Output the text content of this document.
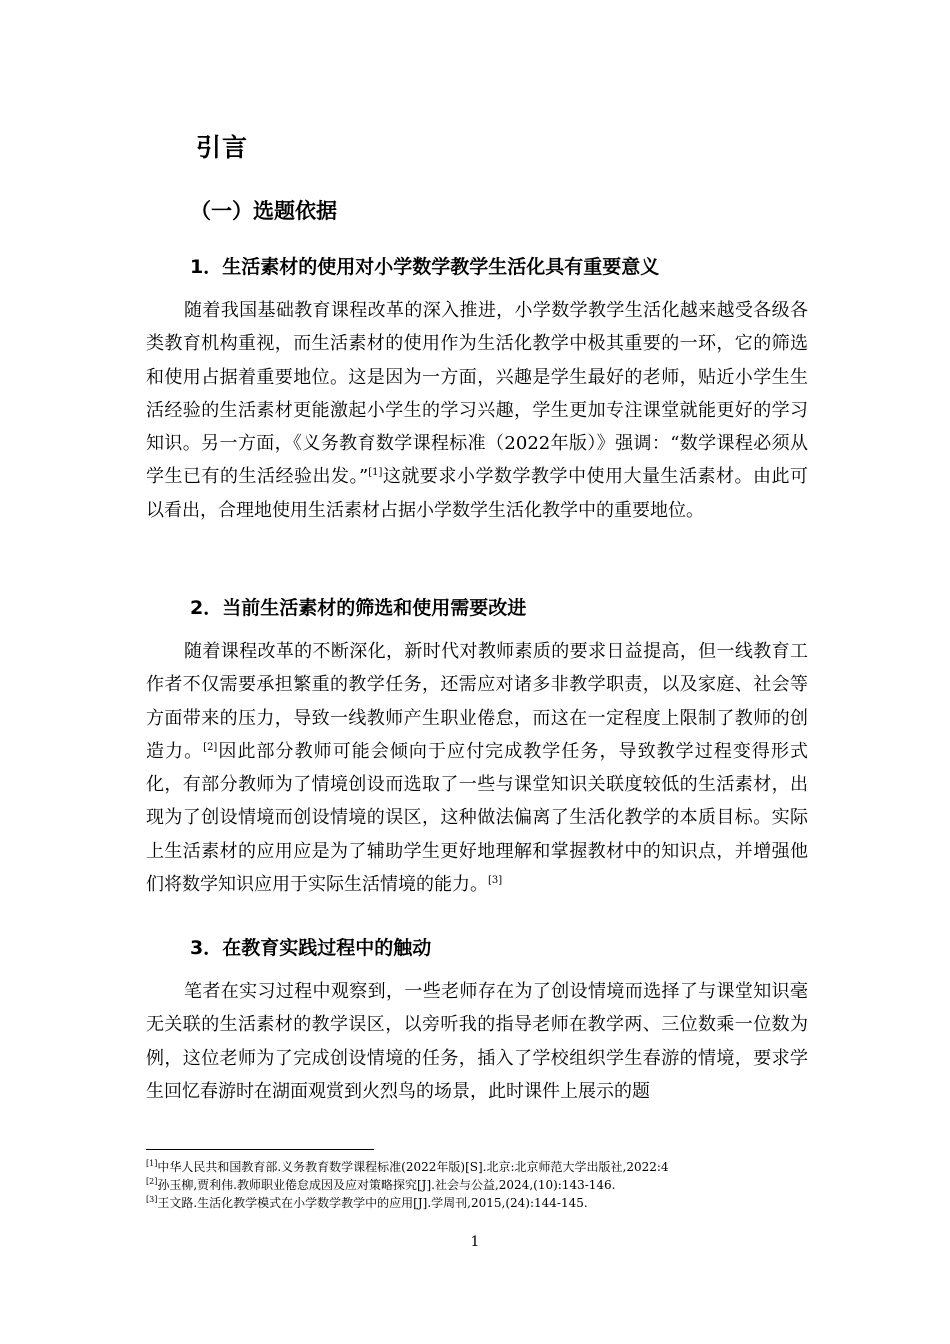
引言
（一）选题依据
1．生活素材的使用对小学数学教学生活化具有重要意义

随着我国基础教育课程改革的深入推进，小学数学教学生活化越来越受各级各类教育机构重视，而生活素材的使用作为生活化教学中极其重要的一环，它的筛选和使用占据着重要地位。这是因为一方面，兴趣是学生最好的老师，贴近小学生生活经验的生活素材更能激起小学生的学习兴趣，学生更加专注课堂就能更好的学习知识。另一方面，《义务教育数学课程标准（2022年版）》强调：“数学课程必须从学生已有的生活经验出发。”[1]这就要求小学数学教学中使用大量生活素材。由此可以看出，合理地使用生活素材占据小学数学生活化教学中的重要地位。

2．当前生活素材的筛选和使用需要改进

随着课程改革的不断深化，新时代对教师素质的要求日益提高，但一线教育工作者不仅需要承担繁重的教学任务，还需应对诸多非教学职责，以及家庭、社会等方面带来的压力，导致一线教师产生职业倦怠，而这在一定程度上限制了教师的创造力。[2]因此部分教师可能会倾向于应付完成教学任务，导致教学过程变得形式化，有部分教师为了情境创设而选取了一些与课堂知识关联度较低的生活素材，出现为了创设情境而创设情境的误区，这种做法偏离了生活化教学的本质目标。实际上生活素材的应用应是为了辅助学生更好地理解和掌握教材中的知识点，并增强他们将数学知识应用于实际生活情境的能力。[3]

3．在教育实践过程中的触动

笔者在实习过程中观察到，一些老师存在为了创设情境而选择了与课堂知识毫无关联的生活素材的教学误区，以旁听我的指导老师在教学两、三位数乘一位数为例，这位老师为了完成创设情境的任务，插入了学校组织学生春游的情境，要求学生回忆春游时在湖面观赏到火烈鸟的场景，此时课件上展示的题

[1]中华人民共和国教育部.义务教育数学课程标准(2022年版)[S].北京:北京师范大学出版社,2022:4
[2]孙玉柳,贾利伟.教师职业倦怠成因及应对策略探究[J].社会与公益,2024,(10):143-146.
[3]王文路.生活化教学模式在小学数学教学中的应用[J].学周刊,2015,(24):144-145.
1
